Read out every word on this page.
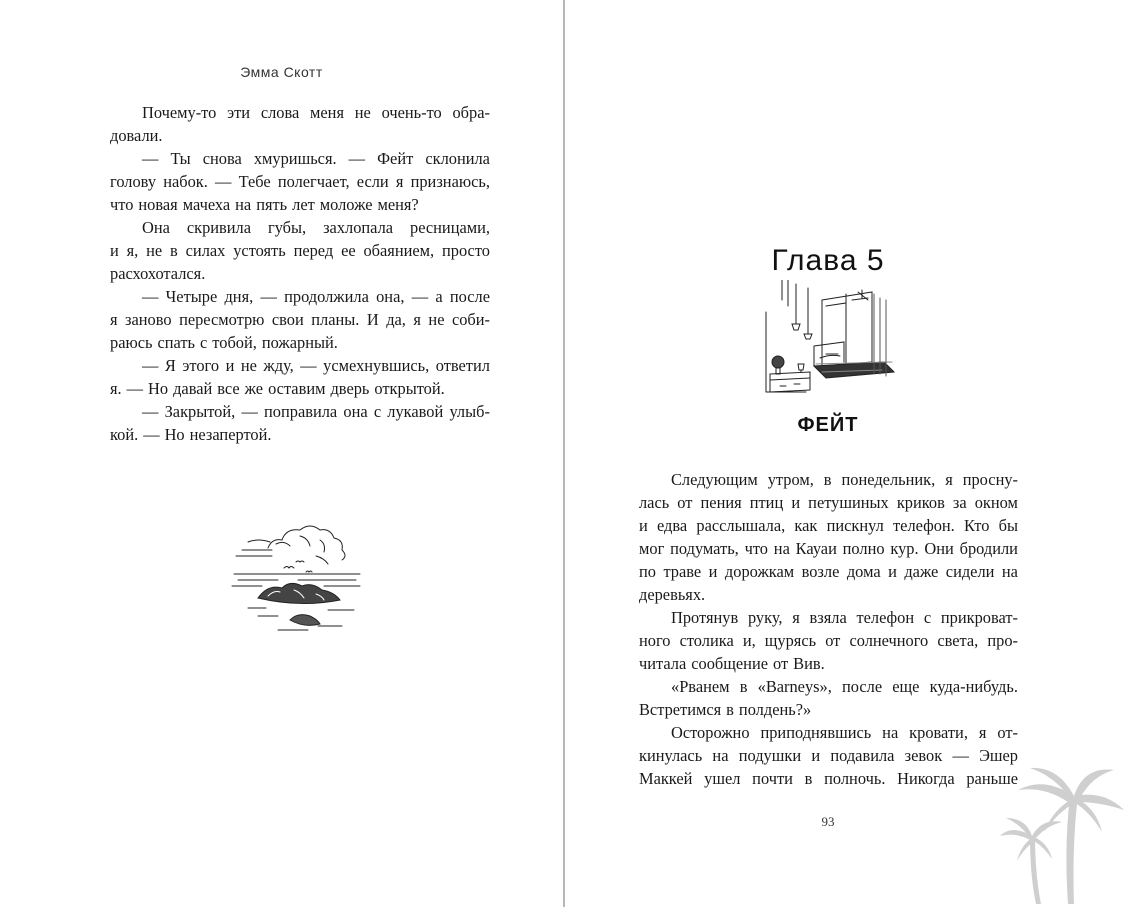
Эмма Скотт
Почему-то эти слова меня не очень-то обра-
довали.
— Ты снова хмуришься. — Фейт склонила
голову набок. — Тебе полегчает, если я признаюсь,
что новая мачеха на пять лет моложе меня?
Она скривила губы, захлопала ресницами,
и я, не в силах устоять перед ее обаянием, просто
расхохотался.
— Четыре дня, — продолжила она, — а после
я заново пересмотрю свои планы. И да, я не соби-
раюсь спать с тобой, пожарный.
— Я этого и не жду, — усмехнувшись, ответил
я. — Но давай все же оставим дверь открытой.
— Закрытой, — поправила она с лукавой улыб-
кой. — Но незапертой.
Глава 5
ФЕЙТ
Следующим утром, в понедельник, я просну-
лась от пения птиц и петушиных криков за окном
и едва расслышала, как пискнул телефон. Кто бы
мог подумать, что на Кауаи полно кур. Они бродили
по траве и дорожкам возле дома и даже сидели на
деревьях.
Протянув руку, я взяла телефон с прикроват-
ного столика и, щурясь от солнечного света, про-
читала сообщение от Вив.
«Рванем в «Barneys», после еще куда-нибудь.
Встретимся в полдень?»
Осторожно приподнявшись на кровати, я от-
кинулась на подушки и подавила зевок — Эшер
Маккей ушел почти в полночь. Никогда раньше
93
